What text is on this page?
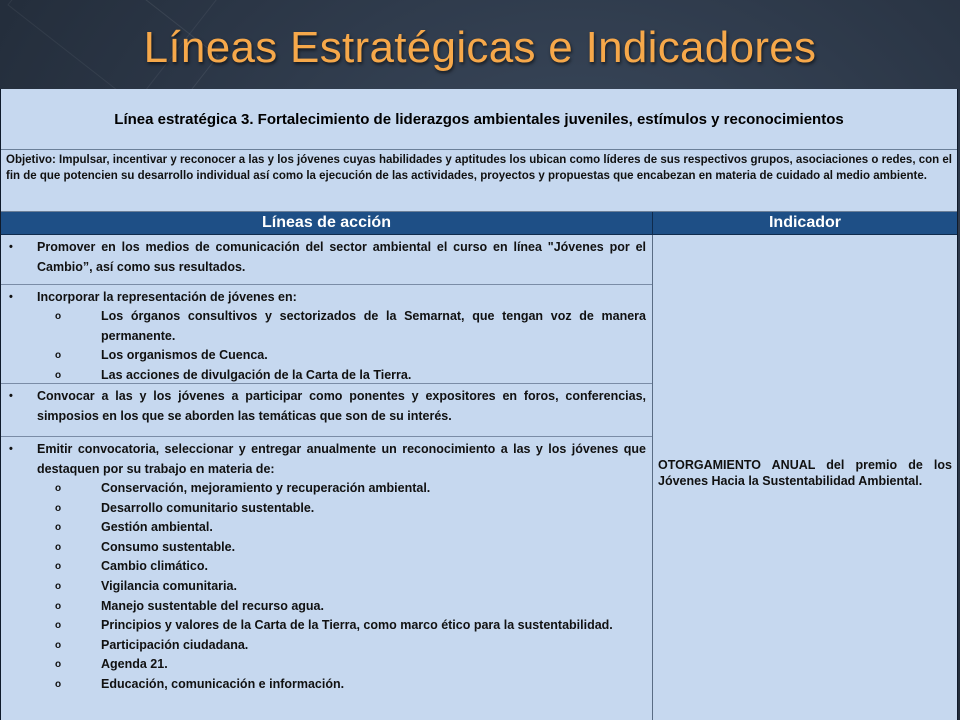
Líneas Estratégicas e Indicadores
Línea estratégica 3. Fortalecimiento de liderazgos ambientales juveniles, estímulos y reconocimientos
Objetivo: Impulsar, incentivar y reconocer a las y los jóvenes cuyas habilidades y aptitudes los ubican como líderes de sus respectivos grupos, asociaciones o redes, con el fin de que potencien su desarrollo individual así como la ejecución de las actividades, proyectos y propuestas que encabezan en materia de cuidado al medio ambiente.
Líneas de acción	Indicador
•	Promover en los medios de comunicación del sector ambiental el curso en línea "Jóvenes por el Cambio”, así como sus resultados.
•	Incorporar la representación de jóvenes en:
o	Los órganos consultivos y sectorizados de la Semarnat, que tengan voz de manera permanente.
o	Los organismos de Cuenca.
o	Las acciones de divulgación de la Carta de la Tierra.
•	Convocar a las y los jóvenes a participar como ponentes y expositores en foros, conferencias, simposios en los que se aborden las temáticas que son de su interés.
•	Emitir convocatoria, seleccionar y entregar anualmente un reconocimiento a las y los jóvenes que destaquen por su trabajo en materia de:
o	Conservación, mejoramiento y recuperación ambiental.
o	Desarrollo comunitario sustentable.
o	Gestión ambiental.
o	Consumo sustentable.
o	Cambio climático.
o	Vigilancia comunitaria.
o	Manejo sustentable del recurso agua.
o	Principios y valores de la Carta de la Tierra, como marco ético para la sustentabilidad.
o	Participación ciudadana.
o	Agenda 21.
o	Educación, comunicación e información.
OTORGAMIENTO ANUAL del premio de los Jóvenes Hacia la Sustentabilidad Ambiental.
